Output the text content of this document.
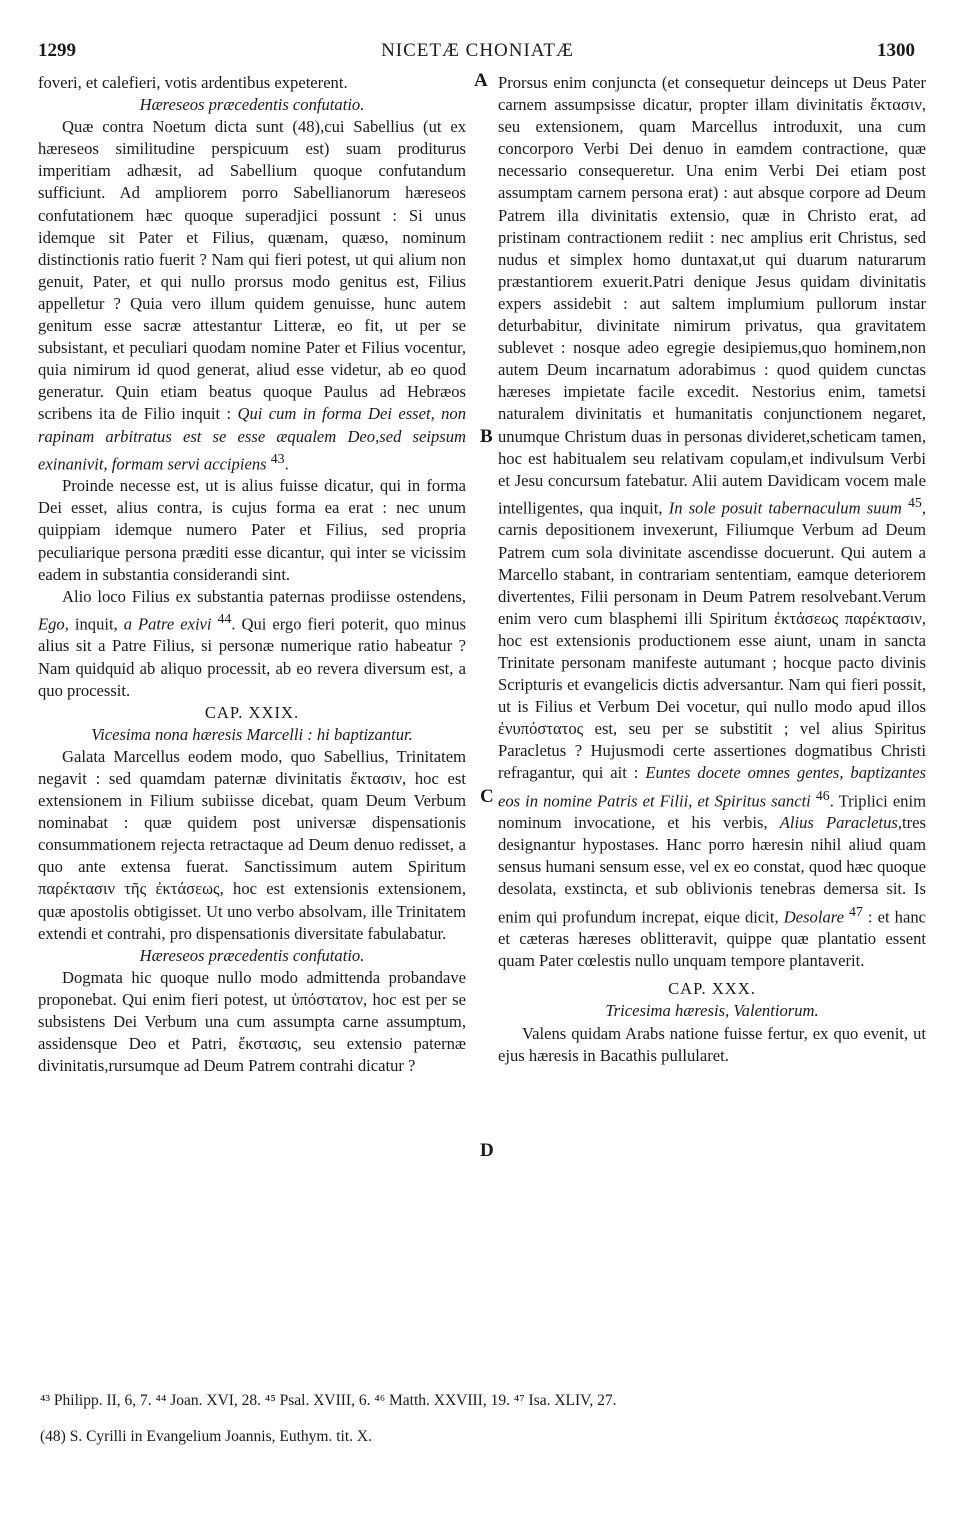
1299	NICETÆ CHONIATÆ	1300
A
B
C
D

foveri, et calefieri, votis ardentibus expeterent.

Hæreseos præcedentis confutatio.

Quæ contra Noetum dicta sunt (48),cui Sabellius (ut ex hæreseos similitudine perspicuum est) suam proditurus imperitiam adhæsit, ad Sabellium quoque confutandum sufficiunt. Ad ampliorem porro Sabellianorum hæreseos confutationem hæc quoque superadjici possunt : Si unus idemque sit Pater et Filius, quænam, quæso, nominum distinctionis ratio fuerit ? Nam qui fieri potest, ut qui alium non genuit, Pater, et qui nullo prorsus modo genitus est, Filius appelletur ? Quia vero illum quidem genuisse, hunc autem genitum esse sacræ attestantur Litteræ, eo fit, ut per se subsistant, et peculiari quodam nomine Pater et Filius vocentur, quia nimirum id quod generat, aliud esse videtur, ab eo quod generatur. Quin etiam beatus quoque Paulus ad Hebræos scribens ita de Filio inquit : Qui cum in forma Dei esset, non rapinam arbitratus est se esse æqualem Deo,sed seipsum exinanivit, formam servi accipiens $^{43}$.

Proinde necesse est, ut is alius fuisse dicatur, qui in forma Dei esset, alius contra, is cujus forma ea erat : nec unum quippiam idemque numero Pater et Filius, sed propria peculiarique persona præditi esse dicantur, qui inter se vicissim eadem in substantia considerandi sint.

Alio loco Filius ex substantia paternas prodiisse ostendens, Ego, inquit, a Patre exivi $^{44}$. Qui ergo fieri poterit, quo minus alius sit a Patre Filius, si personæ numerique ratio habeatur ? Nam quidquid ab aliquo processit, ab eo revera diversum est, a quo processit.

CAP. XXIX.

Vicesima nona hæresis Marcelli : hi baptizantur.

Galata Marcellus eodem modo, quo Sabellius, Trinitatem negavit : sed quamdam paternæ divinitatis ἔκτασιν, hoc est extensionem in Filium subiisse dicebat, quam Deum Verbum nominabat : quæ quidem post universæ dispensationis consummationem rejecta retractaque ad Deum denuo redisset, a quo ante extensa fuerat. Sanctissimum autem Spiritum παρέκτασιν τῆς ἐκτάσεως, hoc est extensionis extensionem, quæ apostolis obtigisset. Ut uno verbo absolvam, ille Trinitatem extendi et contrahi, pro dispensationis diversitate fabulabatur.

Hæreseos præcedentis confutatio.

Dogmata hic quoque nullo modo admittenda probandave proponebat. Qui enim fieri potest, ut ὑπόστατον, hoc est per se subsistens Dei Verbum una cum assumpta carne assumptum, assidensque Deo et Patri, ἔκστασις, seu extensio paternæ divinitatis,rursumque ad Deum Patrem contrahi dicatur ?

Prorsus enim conjuncta (et consequetur deinceps ut Deus Pater carnem assumpsisse dicatur, propter illam divinitatis ἔκτασιν, seu extensionem, quam Marcellus introduxit, una cum concorporo Verbi Dei denuo in eamdem contractione, quæ necessario consequeretur. Una enim Verbi Dei etiam post assumptam carnem persona erat) : aut absque corpore ad Deum Patrem illa divinitatis extensio, quæ in Christo erat, ad pristinam contractionem rediit : nec amplius erit Christus, sed nudus et simplex homo duntaxat,ut qui duarum naturarum præstantiorem exuerit.Patri denique Jesus quidam divinitatis expers assidebit : aut saltem implumium pullorum instar deturbabitur, divinitate nimirum privatus, qua gravitatem sublevet : nosque adeo egregie desipiemus,quo hominem,non autem Deum incarnatum adorabimus : quod quidem cunctas hæreses impietate facile excedit. Nestorius enim, tametsi naturalem divinitatis et humanitatis conjunctionem negaret, unumque Christum duas in personas divideret,scheticam tamen, hoc est habitualem seu relativam copulam,et indivulsum Verbi et Jesu concursum fatebatur. Alii autem Davidicam vocem male intelligentes, qua inquit, In sole posuit tabernaculum suum $^{45}$, carnis depositionem invexerunt, Filiumque Verbum ad Deum Patrem cum sola divinitate ascendisse docuerunt. Qui autem a Marcello stabant, in contrariam sententiam, eamque deteriorem divertentes, Filii personam in Deum Patrem resolvebant.Verum enim vero cum blasphemi illi Spiritum ἐκτάσεως παρέκτασιν, hoc est extensionis productionem esse aiunt, unam in sancta Trinitate personam manifeste autumant ; hocque pacto divinis Scripturis et evangelicis dictis adversantur. Nam qui fieri possit, ut is Filius et Verbum Dei vocetur, qui nullo modo apud illos ἐνυπόστατος est, seu per se substitit ; vel alius Spiritus Paracletus ? Hujusmodi certe assertiones dogmatibus Christi refragantur, qui ait : Euntes docete omnes gentes, baptizantes eos in nomine Patris et Filii, et Spiritus sancti $^{46}$. Triplici enim nominum invocatione, et his verbis, Alius Paracletus,tres designantur hypostases. Hanc porro hæresin nihil aliud quam sensus humani sensum esse, vel ex eo constat, quod hæc quoque desolata, exstincta, et sub oblivionis tenebras demersa sit. Is enim qui profundum increpat, eique dicit, Desolare $^{47}$ : et hanc et cæteras hæreses oblitteravit, quippe quæ plantatio essent quam Pater cœlestis nullo unquam tempore plantaverit.

CAP. XXX.

Tricesima hæresis, Valentiorum.

Valens quidam Arabs natione fuisse fertur, ex quo evenit, ut ejus hæresis in Bacathis pullularet.

⁴³ Philipp. II, 6, 7. ⁴⁴ Joan. XVI, 28. ⁴⁵ Psal. XVIII, 6. ⁴⁶ Matth. XXVIII, 19. ⁴⁷ Isa. XLIV, 27.

(48) S. Cyrilli in Evangelium Joannis, Euthym. tit. X.
